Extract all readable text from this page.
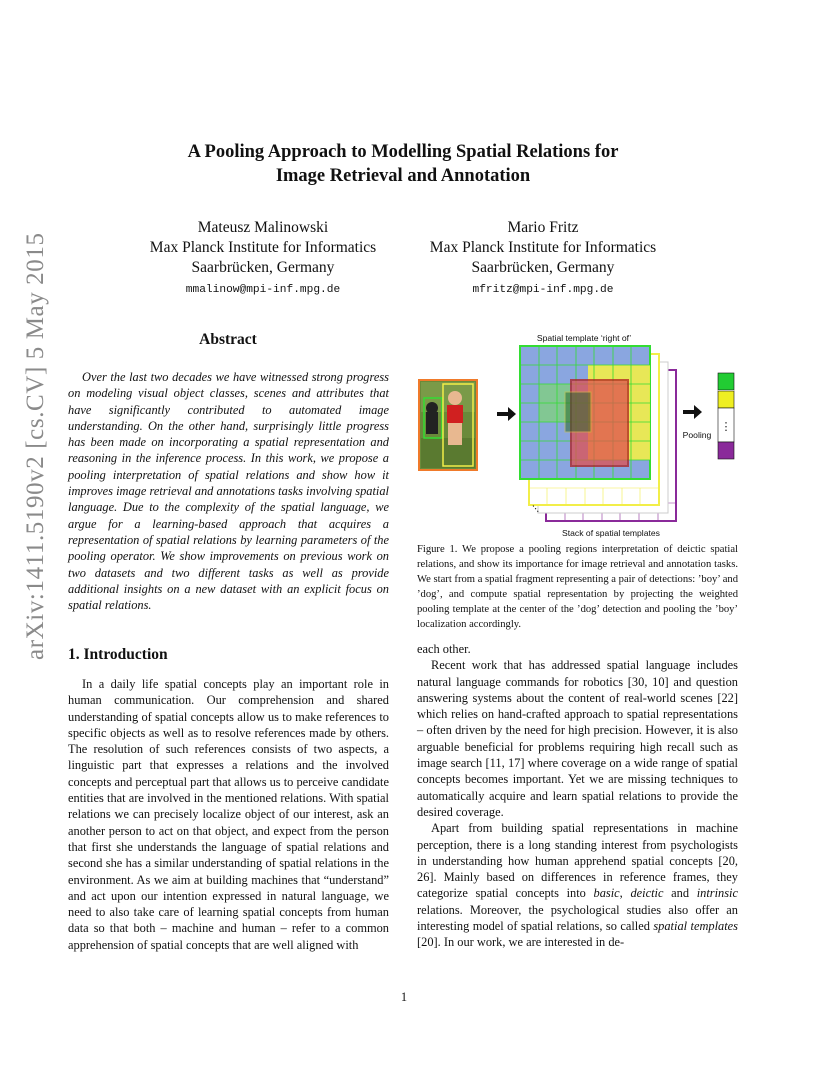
arXiv:1411.5190v2 [cs.CV] 5 May 2015
A Pooling Approach to Modelling Spatial Relations for
Image Retrieval and Annotation
Mateusz Malinowski
Max Planck Institute for Informatics
Saarbrücken, Germany
mmalinow@mpi-inf.mpg.de
Mario Fritz
Max Planck Institute for Informatics
Saarbrücken, Germany
mfritz@mpi-inf.mpg.de
Abstract
Over the last two decades we have witnessed strong progress on modeling visual object classes, scenes and attributes that have significantly contributed to automated image understanding. On the other hand, surprisingly little progress has been made on incorporating a spatial representation and reasoning in the inference process. In this work, we propose a pooling interpretation of spatial relations and show how it improves image retrieval and annotations tasks involving spatial language. Due to the complexity of the spatial language, we argue for a learning-based approach that acquires a representation of spatial relations by learning parameters of the pooling operator. We show improvements on previous work on two datasets and two different tasks as well as provide additional insights on a new dataset with an explicit focus on spatial relations.
1. Introduction
In a daily life spatial concepts play an important role in human communication. Our comprehension and shared understanding of spatial concepts allow us to make references to specific objects as well as to resolve references made by others. The resolution of such references consists of two aspects, a linguistic part that expresses a relations and the involved concepts and perceptual part that allows us to perceive candidate entities that are involved in the mentioned relations. With spatial relations we can precisely localize object of our interest, ask an another person to act on that object, and expect from the person that first she understands the language of spatial relations and second she has a similar understanding of spatial relations in the environment. As we aim at building machines that “understand” and act upon our intention expressed in natural language, we need to also take care of learning spatial concepts from human data so that both – machine and human – refer to a common apprehension of spatial concepts that are well aligned with
Spatial template ‘right of’
Pooling
⋮
⋮
Stack of spatial templates
Figure 1. We propose a pooling regions interpretation of deictic spatial relations, and show its importance for image retrieval and annotation tasks. We start from a spatial fragment representing a pair of detections: ’boy’ and ’dog’, and compute spatial representation by projecting the weighted pooling template at the center of the ’dog’ detection and pooling the ’boy’ localization accordingly.

each other.

Recent work that has addressed spatial language includes natural language commands for robotics [30, 10] and question answering systems about the content of real-world scenes [22] which relies on hand-crafted approach to spatial representations – often driven by the need for high precision. However, it is also arguable beneficial for problems requiring high recall such as image search [11, 17] where coverage on a wide range of spatial concepts becomes important. Yet we are missing techniques to automatically acquire and learn spatial relations to provide the desired coverage.

Apart from building spatial representations in machine perception, there is a long standing interest from psychologists in understanding how human apprehend spatial concepts [20, 26]. Mainly based on differences in reference frames, they categorize spatial concepts into basic, deictic and intrinsic relations. Moreover, the psychological studies also offer an interesting model of spatial relations, so called spatial templates [20]. In our work, we are interested in de-

1
